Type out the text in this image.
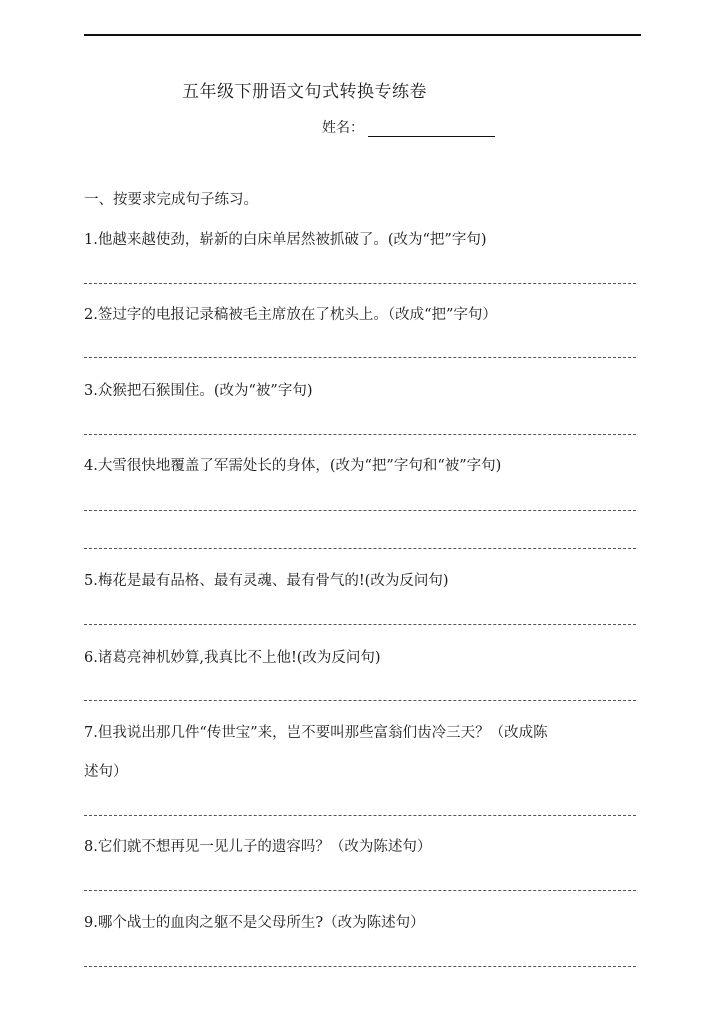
五年级下册语文句式转换专练卷
姓名：
一、按要求完成句子练习。
1.他越来越使劲，崭新的白床单居然被抓破了。(改为“把”字句)
2.签过字的电报记录稿被毛主席放在了枕头上。（改成“把”字句）
3.众猴把石猴围住。(改为“被”字句)
4.大雪很快地覆盖了军需处长的身体，(改为“把”字句和“被”字句)
5.梅花是最有品格、最有灵魂、最有骨气的!(改为反问句)
6.诸葛亮神机妙算,我真比不上他!(改为反问句)
7.但我说出那几件“传世宝”来，岂不要叫那些富翁们齿冷三天？（改成陈
述句）
8.它们就不想再见一见儿子的遗容吗？（改为陈述句）
9.哪个战士的血肉之躯不是父母所生?（改为陈述句）
